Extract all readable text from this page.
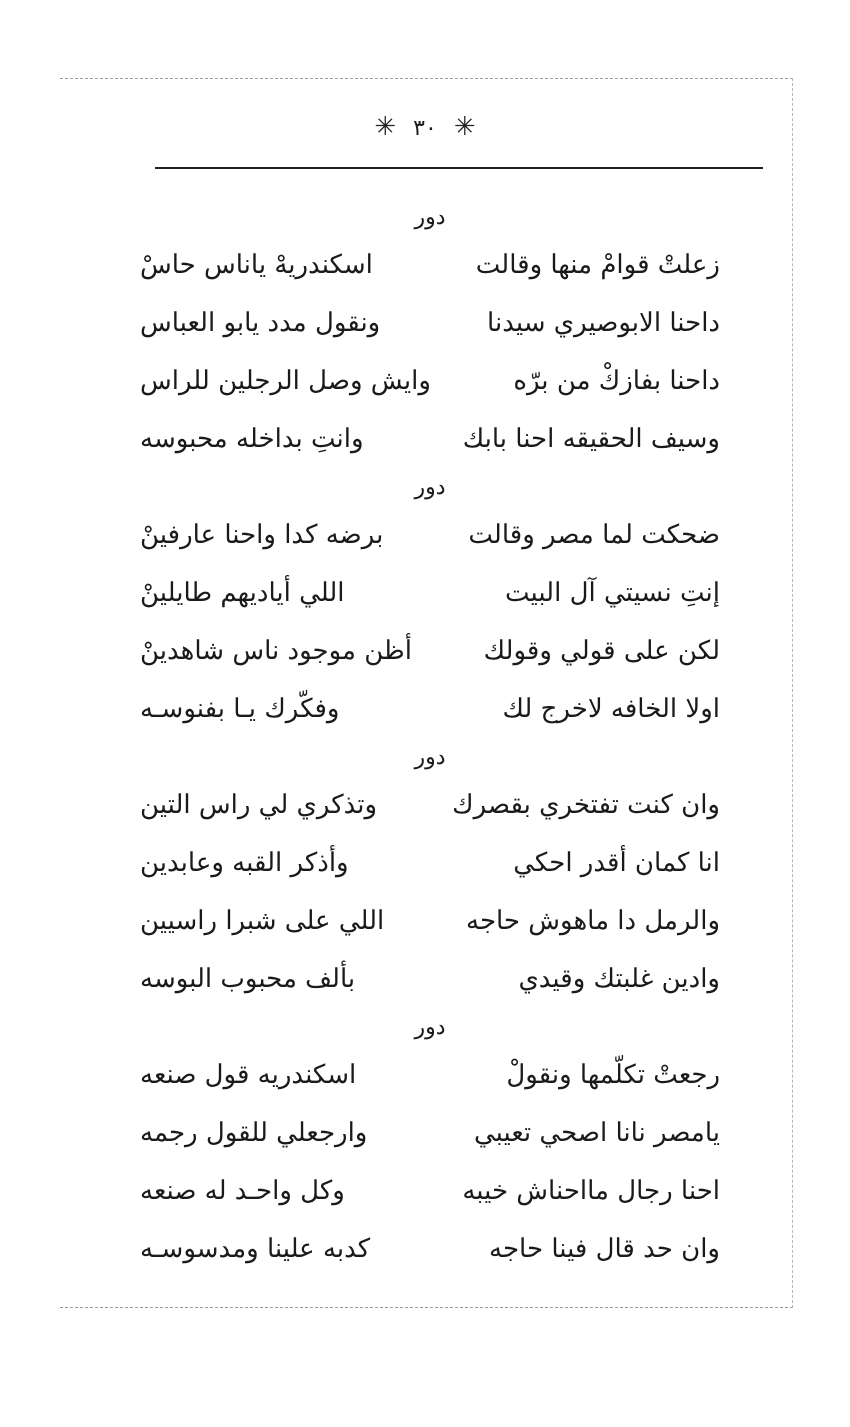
✳ ٣٠ ✳
دور
زعلتْ قوامْ منها وقالت
اسكندريهْ ياناس حاسْ
داحنا الابوصيري سيدنا
ونقول مدد يابو العباس
داحنا بفازكْ من برّه
وايش وصل الرجلين للراس
وسيف الحقيقه احنا بابك
وانتِ بداخله محبوسه
دور
ضحكت لما مصر وقالت
برضه كدا واحنا عارفينْ
إنتِ نسيتي آل البيت
اللي أياديهم طايلينْ
لكن على قولي وقولك
أظن موجود ناس شاهدينْ
اولا الخافه لاخرج لك
وفكّرك يـا بفنوسـه
دور
وان كنت تفتخري بقصرك
وتذكري لي راس التين
انا كمان أقدر احكي
وأذكر القبه وعابدين
والرمل دا ماهوش حاجه
اللي على شبرا راسيين
وادين غلبتك وقيدي
بألف محبوب البوسه
دور
رجعتْ تكلّمها ونقولْ
اسكندريه قول صنعه
يامصر نانا اصحي تعيبي
وارجعلي للقول رجمه
احنا رجال مااحناش خيبه
وكل واحـد له صنعه
وان حد قال فينا حاجه
كدبه علينا ومدسوسـه
